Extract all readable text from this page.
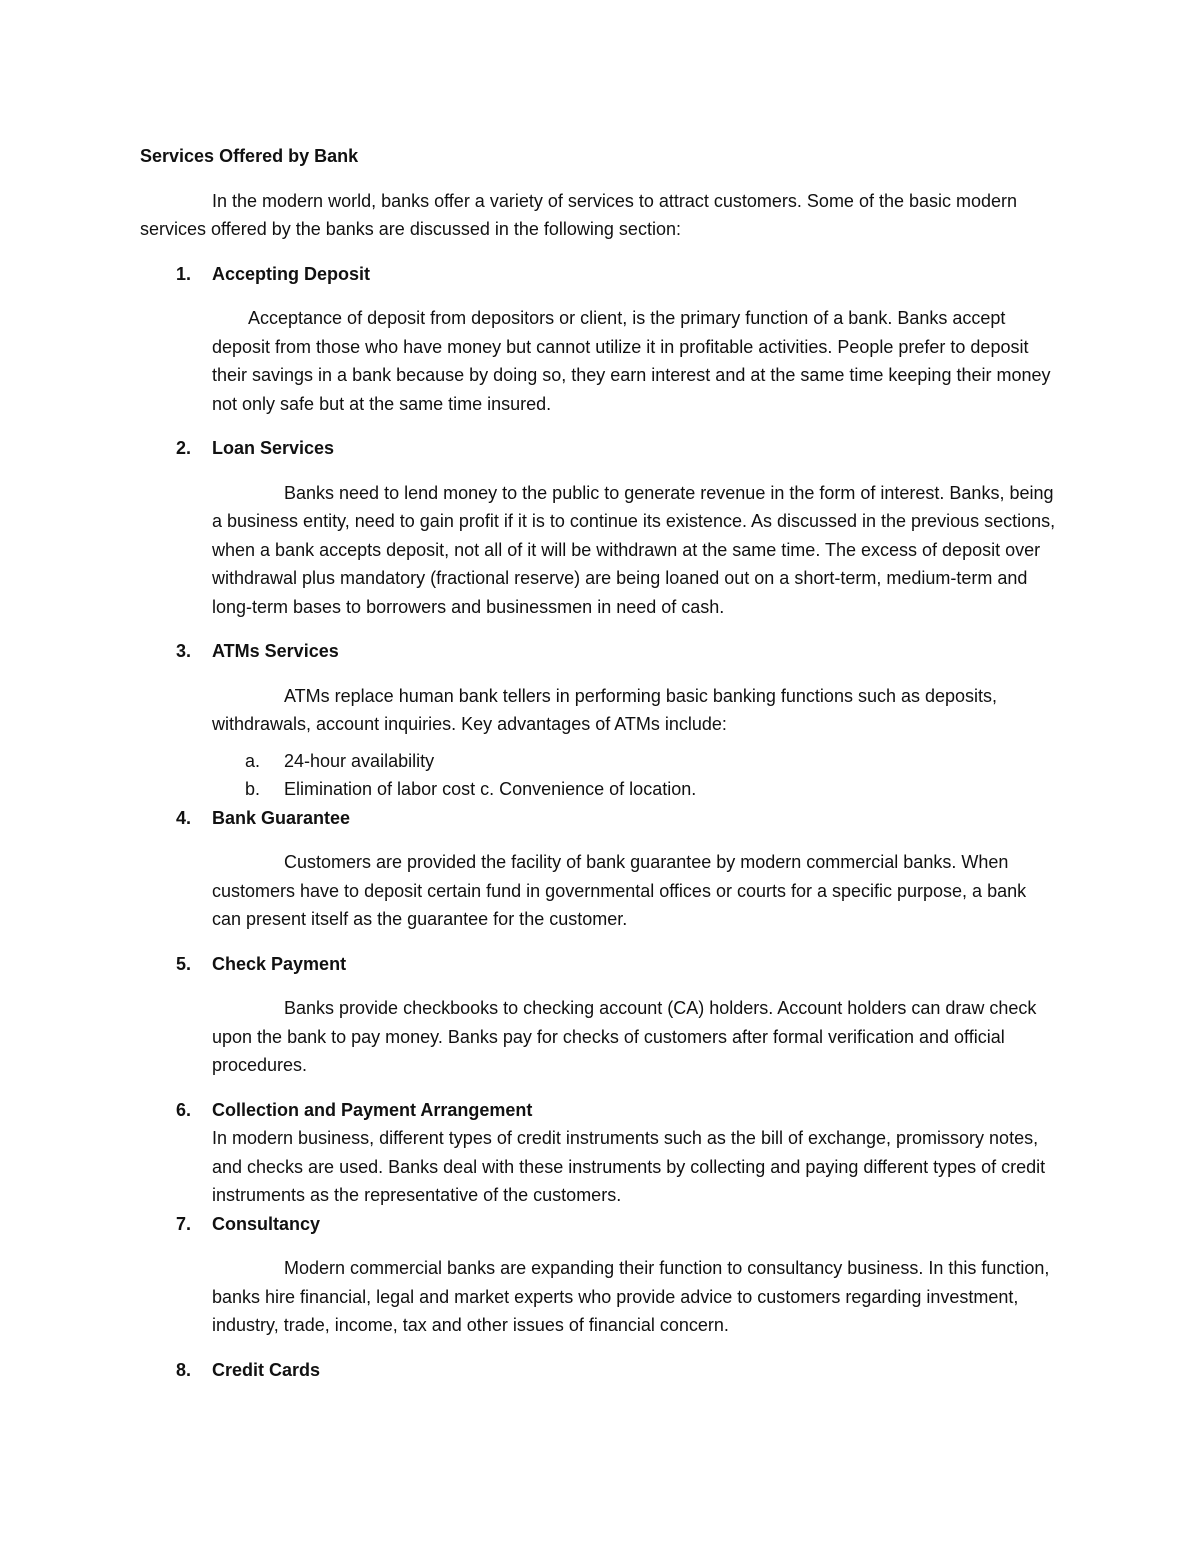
Services Offered by Bank

In the modern world, banks offer a variety of services to attract customers. Some of the basic modern services offered by the banks are discussed in the following section:

1. Accepting Deposit

Acceptance of deposit from depositors or client, is the primary function of a bank. Banks accept deposit from those who have money but cannot utilize it in profitable activities. People prefer to deposit their savings in a bank because by doing so, they earn interest and at the same time keeping their money not only safe but at the same time insured.

2. Loan Services

Banks need to lend money to the public to generate revenue in the form of interest. Banks, being a business entity, need to gain profit if it is to continue its existence. As discussed in the previous sections, when a bank accepts deposit, not all of it will be withdrawn at the same time. The excess of deposit over withdrawal plus mandatory (fractional reserve) are being loaned out on a short-term, medium-term and long-term bases to borrowers and businessmen in need of cash.

3. ATMs Services

ATMs replace human bank tellers in performing basic banking functions such as deposits, withdrawals, account inquiries. Key advantages of ATMs include:

a. 24-hour availability
b. Elimination of labor cost c. Convenience of location.
4. Bank Guarantee

Customers are provided the facility of bank guarantee by modern commercial banks. When customers have to deposit certain fund in governmental offices or courts for a specific purpose, a bank can present itself as the guarantee for the customer.

5. Check Payment

Banks provide checkbooks to checking account (CA) holders. Account holders can draw check upon the bank to pay money. Banks pay for checks of customers after formal verification and official procedures.

6. Collection and Payment Arrangement

In modern business, different types of credit instruments such as the bill of exchange, promissory notes, and checks are used. Banks deal with these instruments by collecting and paying different types of credit instruments as the representative of the customers.

7. Consultancy

Modern commercial banks are expanding their function to consultancy business. In this function, banks hire financial, legal and market experts who provide advice to customers regarding investment, industry, trade, income, tax and other issues of financial concern.

8. Credit Cards
